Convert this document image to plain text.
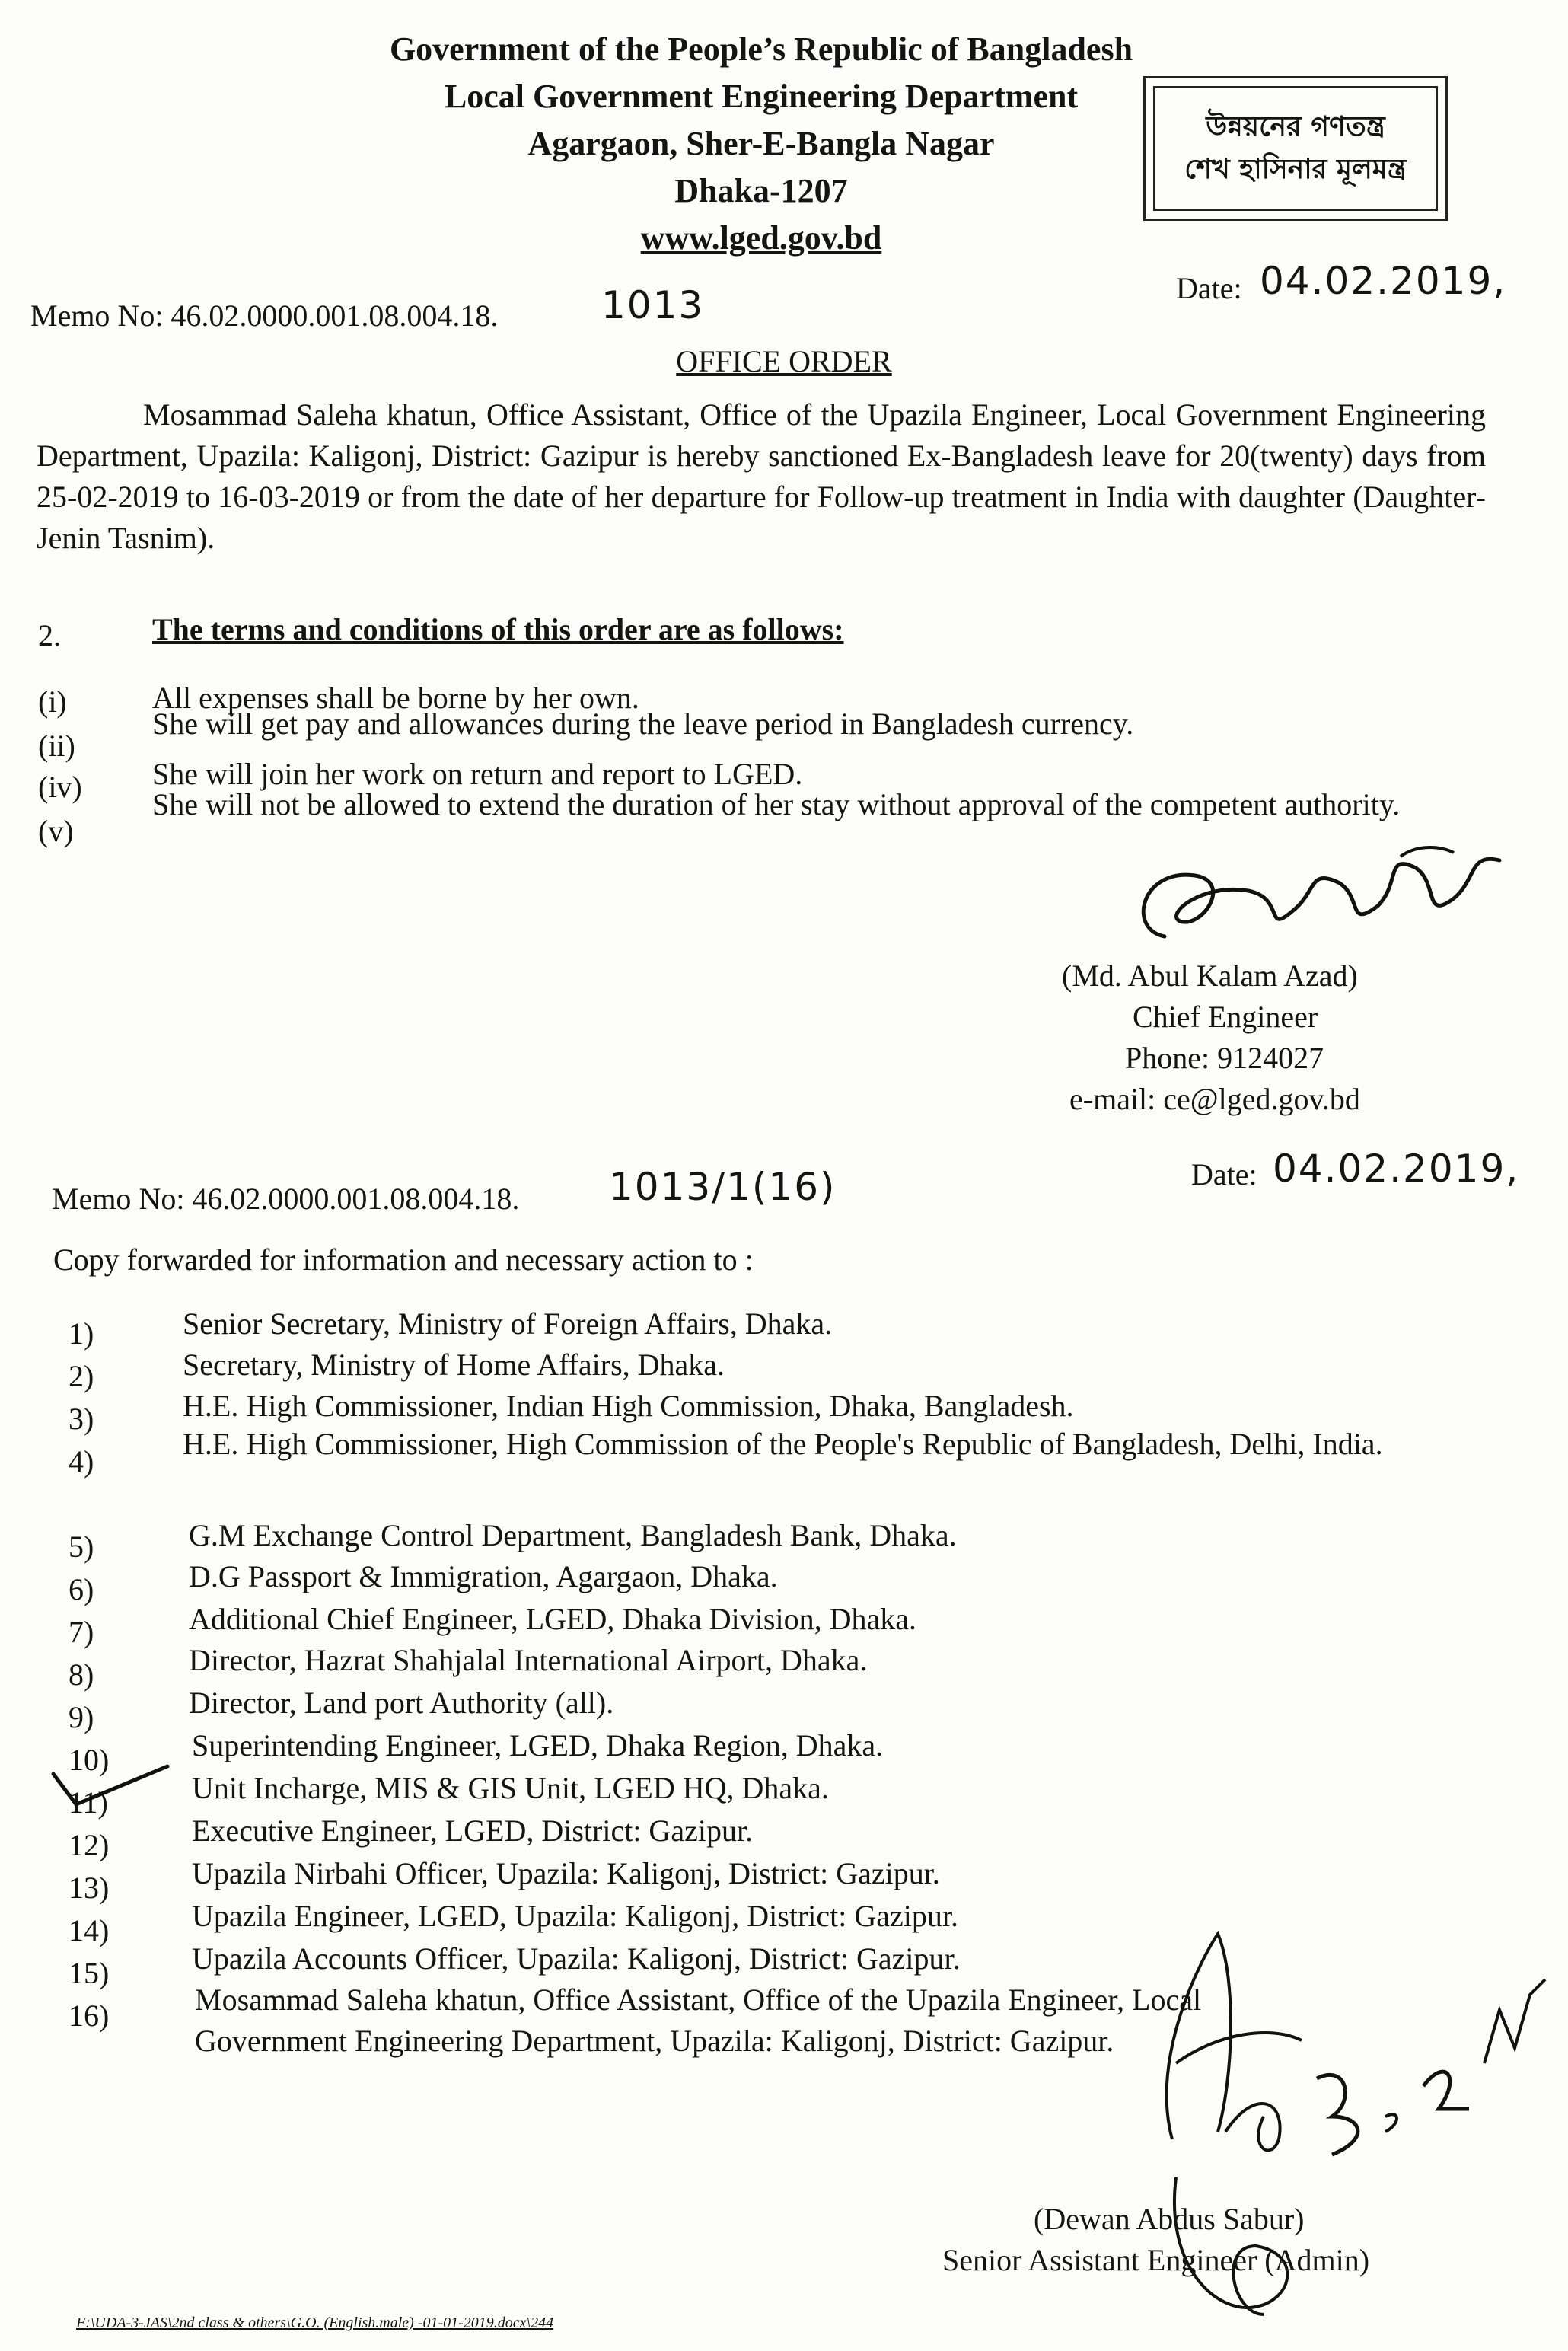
Government of the People’s Republic of Bangladesh
Local Government Engineering Department
Agargaon, Sher-E-Bangla Nagar
Dhaka-1207
www.lged.gov.bd
উন্নয়নের গণতন্ত্র
শেখ হাসিনার মূলমন্ত্র
Memo No: 46.02.0000.001.08.004.18.	1013	Date: 04.02.2019,
OFFICE ORDER
Mosammad Saleha khatun, Office Assistant, Office of the Upazila Engineer, Local Government Engineering Department, Upazila: Kaligonj, District: Gazipur is hereby sanctioned Ex-Bangladesh leave for 20(twenty) days from 25-02-2019 to 16-03-2019 or from the date of her departure for Follow-up treatment in India with daughter (Daughter-Jenin Tasnim).
2.	The terms and conditions of this order are as follows:
(i)	All expenses shall be borne by her own.
(ii)
She will get pay and allowances during the leave period in Bangladesh currency.
(iv) She will join her work on return and report to LGED.
(v)
She will not be allowed to extend the duration of her stay without approval of the competent authority.
(Md. Abul Kalam Azad)
Chief Engineer
Phone: 9124027
e-mail: ce@lged.gov.bd
Memo No: 46.02.0000.001.08.004.18. 1013/1(16)	Date: 04.02.2019,
Copy forwarded for information and necessary action to :
1)	Senior Secretary, Ministry of Foreign Affairs, Dhaka.
2)	Secretary, Ministry of Home Affairs, Dhaka.
3)	H.E. High Commissioner, Indian High Commission, Dhaka, Bangladesh.
4)
H.E. High Commissioner, High Commission of the People's Republic of Bangladesh, Delhi, India.
5)	G.M Exchange Control Department, Bangladesh Bank, Dhaka.
6)	D.G Passport & Immigration, Agargaon, Dhaka.
7)	Additional Chief Engineer, LGED, Dhaka Division, Dhaka.
8)	Director, Hazrat Shahjalal International Airport, Dhaka.
9)	Director, Land port Authority (all).
10)	Superintending Engineer, LGED, Dhaka Region, Dhaka.
11)	Unit Incharge, MIS & GIS Unit, LGED HQ, Dhaka.
12)	Executive Engineer, LGED, District: Gazipur.
13)	Upazila Nirbahi Officer, Upazila: Kaligonj, District: Gazipur.
14)	Upazila Engineer, LGED, Upazila: Kaligonj, District: Gazipur.
15)	Upazila Accounts Officer, Upazila: Kaligonj, District: Gazipur.
16)	Mosammad Saleha khatun, Office Assistant, Office of the Upazila Engineer, Local Government Engineering Department, Upazila: Kaligonj, District: Gazipur.
(Dewan Abdus Sabur)
Senior Assistant Engineer (Admin)
F:\UDA-3-JAS\2nd class & others\G.O. (English.male) -01-01-2019.docx\244
